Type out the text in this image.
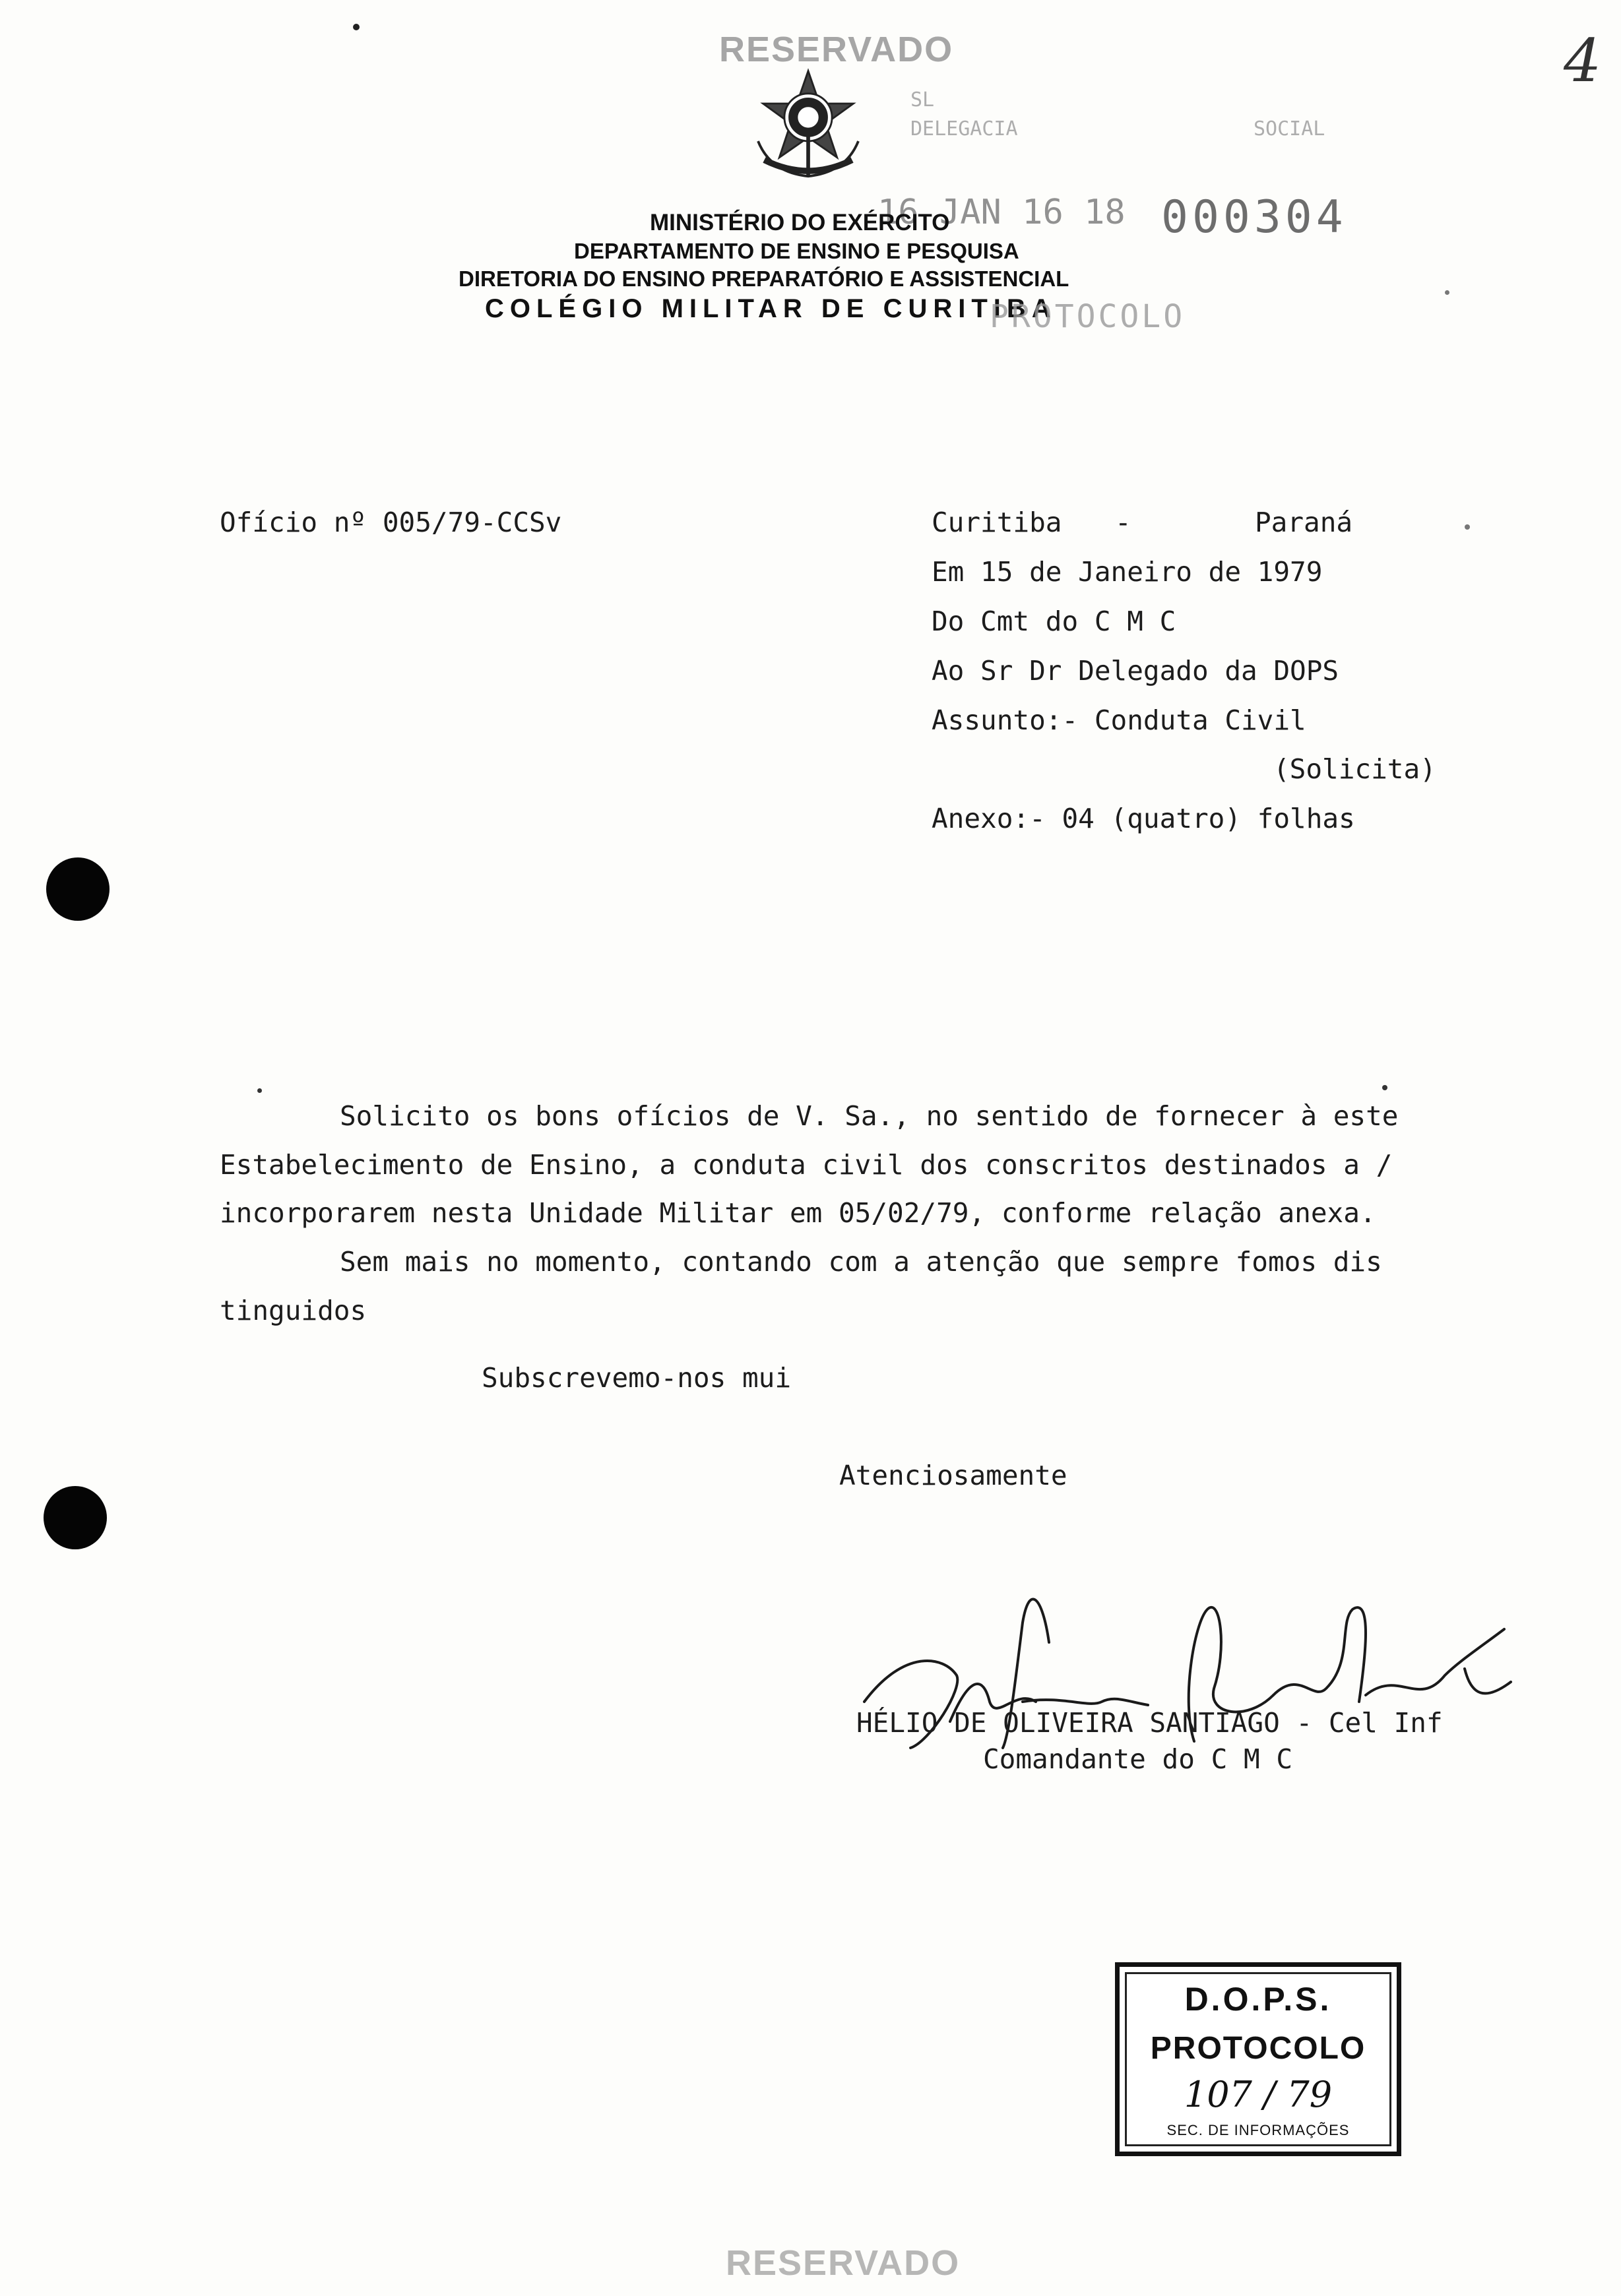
RESERVADO	4
SL
DELEGACIA	SOCIAL
16 JAN 16 18 000304
MINISTÉRIO DO EXÉRCITO
DEPARTAMENTO DE ENSINO E PESQUISA
DIRETORIA DO ENSINO PREPARATÓRIO E ASSISTENCIAL
COLÉGIO MILITAR DE CURITIBA
PROTOCOLO
Ofício nº 005/79-CCSv	Curitiba -	Paraná
Em 15 de Janeiro de 1979
Do Cmt do C M C
Ao Sr Dr Delegado da DOPS
Assunto:- Conduta Civil
(Solicita)
Anexo:- 04 (quatro) folhas
Solicito os bons ofícios de V. Sa., no sentido de fornecer à este
Estabelecimento de Ensino, a conduta civil dos conscritos destinados a /
incorporarem nesta Unidade Militar em 05/02/79, conforme relação anexa.
Sem mais no momento, contando com a atenção que sempre fomos dis
tinguidos
Subscrevemo-nos mui
Atenciosamente
HÉLIO DE OLIVEIRA SANTIAGO - Cel Inf
Comandante do C M C
D.O.P.S.
PROTOCOLO
107 / 79
SEC. DE INFORMAÇÕES
RESERVADO
